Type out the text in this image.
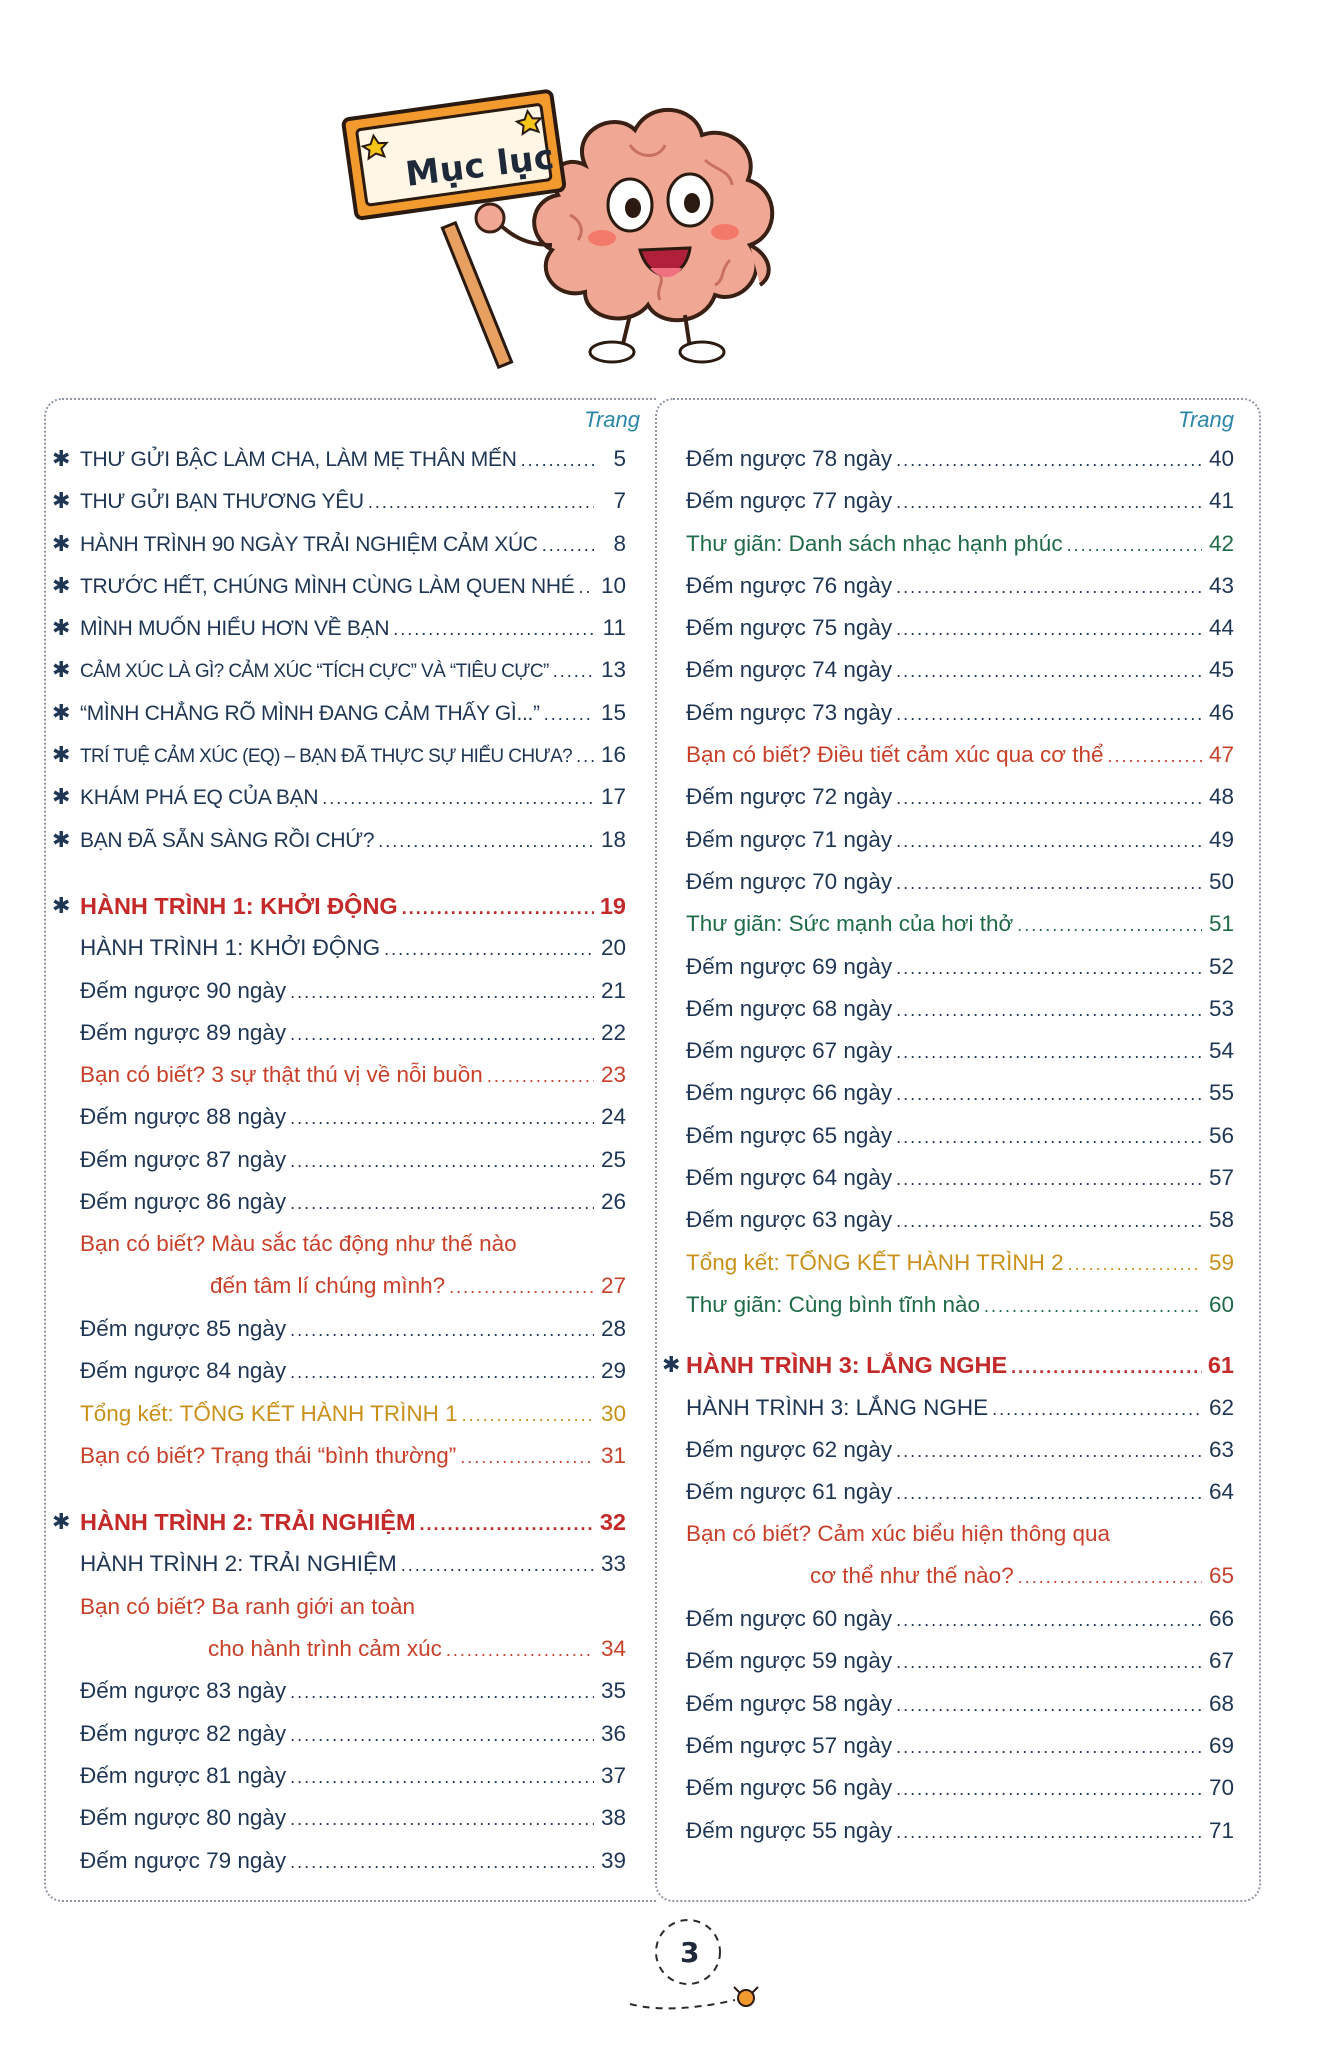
Mục lục
Trang
✱ THƯ GỬI BẬC LÀM CHA, LÀM MẸ THÂN MẾN .....	5
✱ THƯ GỬI BẠN THƯƠNG YÊU .....	7
✱ HÀNH TRÌNH 90 NGÀY TRẢI NGHIỆM CẢM XÚC .....	8
✱ TRƯỚC HẾT, CHÚNG MÌNH CÙNG LÀM QUEN NHÉ ..... 10
✱ MÌNH MUỐN HIỂU HƠN VỀ BẠN .....	11
✱ CẢM XÚC LÀ GÌ? CẢM XÚC “TÍCH CỰC” VÀ “TIÊU CỰC” ..... 13
✱ “MÌNH CHẲNG RÕ MÌNH ĐANG CẢM THẤY GÌ...” .....	15
✱ TRÍ TUỆ CẢM XÚC (EQ) – BẠN ĐÃ THỰC SỰ HIỂU CHƯA? ..... 16
✱ KHÁM PHÁ EQ CỦA BẠN .....	17
✱ BẠN ĐÃ SẴN SÀNG RỒI CHỨ? .....	18
✱ HÀNH TRÌNH 1: KHỞI ĐỘNG .....	19
HÀNH TRÌNH 1: KHỞI ĐỘNG .....	20
Đếm ngược 90 ngày .....	21
Đếm ngược 89 ngày .....	22
Bạn có biết? 3 sự thật thú vị về nỗi buồn .....	23
Đếm ngược 88 ngày .....	24
Đếm ngược 87 ngày .....	25
Đếm ngược 86 ngày .....	26
Bạn có biết? Màu sắc tác động như thế nào
đến tâm lí chúng mình? .....	27
Đếm ngược 85 ngày .....	28
Đếm ngược 84 ngày .....	29
Tổng kết: TỔNG KẾT HÀNH TRÌNH 1 .....	30
Bạn có biết? Trạng thái “bình thường” .....	31
✱ HÀNH TRÌNH 2: TRẢI NGHIỆM .....	32
HÀNH TRÌNH 2: TRẢI NGHIỆM .....	33
Bạn có biết? Ba ranh giới an toàn
cho hành trình cảm xúc .....	34
Đếm ngược 83 ngày .....	35
Đếm ngược 82 ngày .....	36
Đếm ngược 81 ngày .....	37
Đếm ngược 80 ngày .....	38
Đếm ngược 79 ngày .....	39
Trang
Đếm ngược 78 ngày .....	40
Đếm ngược 77 ngày .....	41
Thư giãn: Danh sách nhạc hạnh phúc .....	42
Đếm ngược 76 ngày .....	43
Đếm ngược 75 ngày .....	44
Đếm ngược 74 ngày .....	45
Đếm ngược 73 ngày .....	46
Bạn có biết? Điều tiết cảm xúc qua cơ thể .....	47
Đếm ngược 72 ngày .....	48
Đếm ngược 71 ngày .....	49
Đếm ngược 70 ngày .....	50
Thư giãn: Sức mạnh của hơi thở .....	51
Đếm ngược 69 ngày .....	52
Đếm ngược 68 ngày .....	53
Đếm ngược 67 ngày .....	54
Đếm ngược 66 ngày .....	55
Đếm ngược 65 ngày .....	56
Đếm ngược 64 ngày .....	57
Đếm ngược 63 ngày .....	58
Tổng kết: TỔNG KẾT HÀNH TRÌNH 2 .....	59
Thư giãn: Cùng bình tĩnh nào .....	60
✱ HÀNH TRÌNH 3: LẮNG NGHE .....	61
HÀNH TRÌNH 3: LẮNG NGHE .....	62
Đếm ngược 62 ngày .....	63
Đếm ngược 61 ngày .....	64
Bạn có biết? Cảm xúc biểu hiện thông qua
cơ thể như thế nào? .....	65
Đếm ngược 60 ngày .....	66
Đếm ngược 59 ngày .....	67
Đếm ngược 58 ngày .....	68
Đếm ngược 57 ngày .....	69
Đếm ngược 56 ngày .....	70
Đếm ngược 55 ngày .....	71
3
